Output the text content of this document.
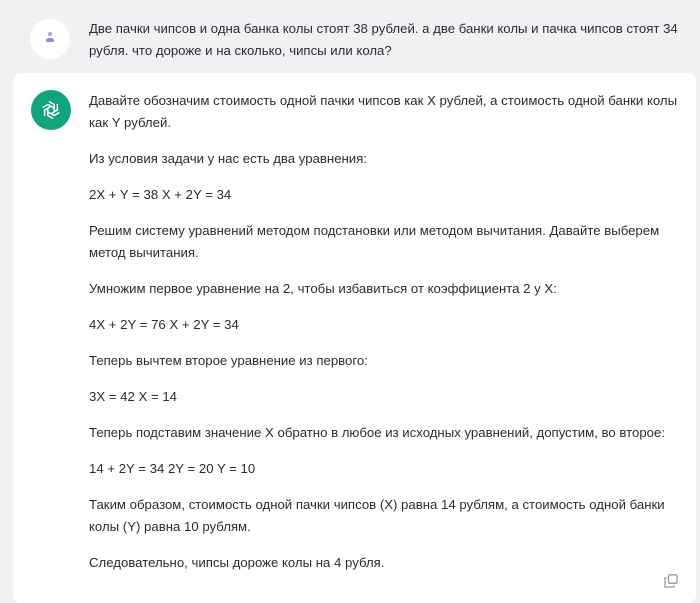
Две пачки чипсов и одна банка колы стоят 38 рублей. а две банки колы и пачка чипсов стоят 34 рубля. что дороже и на сколько, чипсы или кола?

Давайте обозначим стоимость одной пачки чипсов как X рублей, а стоимость одной банки колы как Y рублей.

Из условия задачи у нас есть два уравнения:

2X + Y = 38 X + 2Y = 34

Решим систему уравнений методом подстановки или методом вычитания. Давайте выберем метод вычитания.

Умножим первое уравнение на 2, чтобы избавиться от коэффициента 2 у X:

4X + 2Y = 76 X + 2Y = 34

Теперь вычтем второе уравнение из первого:

3X = 42 X = 14

Теперь подставим значение X обратно в любое из исходных уравнений, допустим, во второе:

14 + 2Y = 34 2Y = 20 Y = 10

Таким образом, стоимость одной пачки чипсов (X) равна 14 рублям, а стоимость одной банки колы (Y) равна 10 рублям.

Следовательно, чипсы дороже колы на 4 рубля.
